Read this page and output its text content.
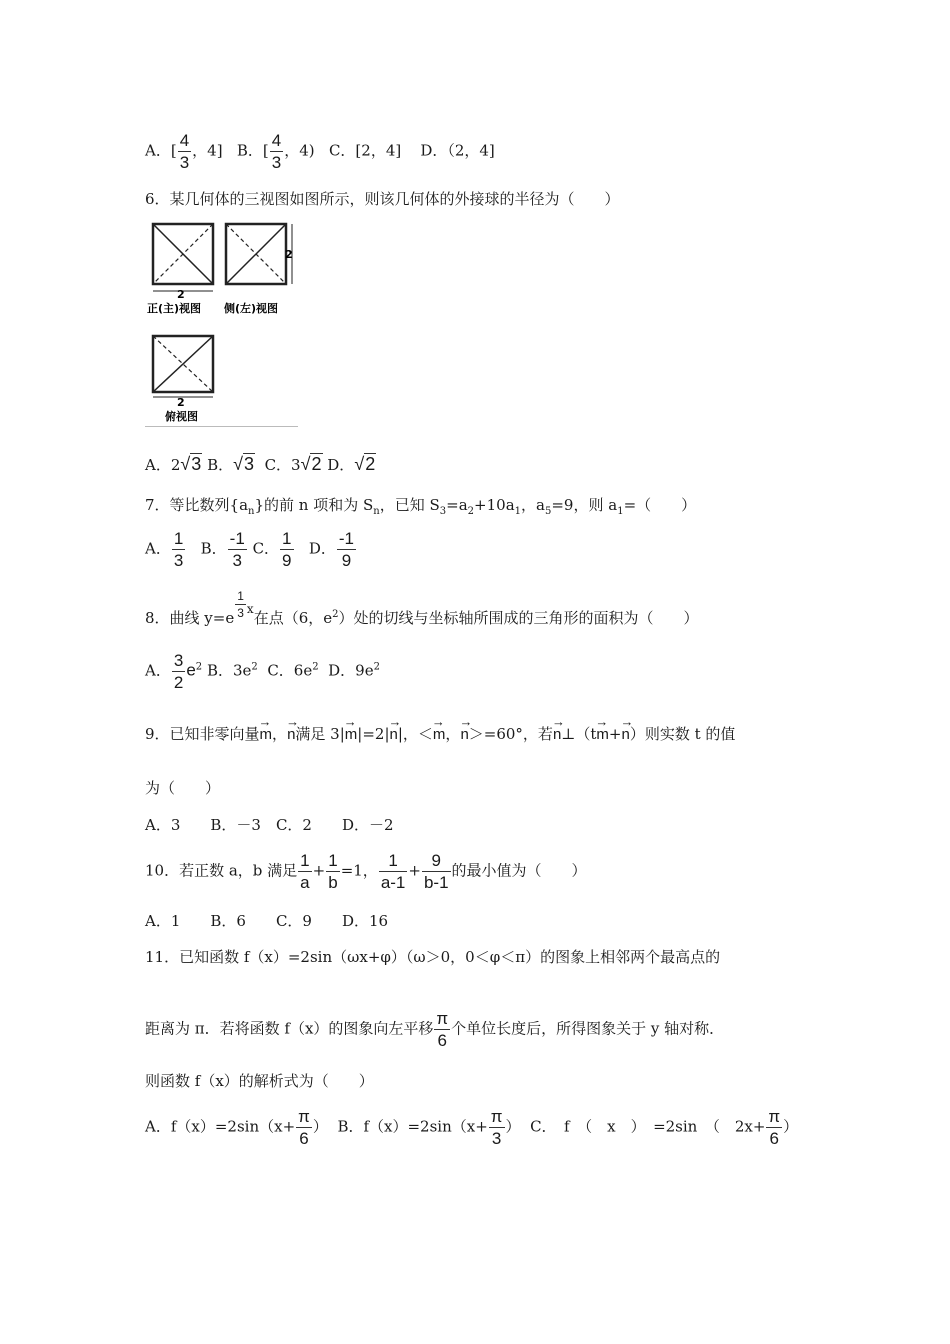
A．[ $\frac{4}{3}$ ，4] B．[ $\frac{4}{3}$ ，4) C．[2，4] D．（2，4]
6．某几何体的三视图如图所示，则该几何体的外接球的半径为（　　）
2
正(主)视图
2
侧(左)视图
2
俯视图
A．2√3 B．√3 C．3√2 D．√2
7．等比数列$\{a_n\}$的前 n 项和为 $S_n$，已知 $S_3=a_2+10a_1$，$a_5=9$，则 $a_1=$（　　）
A． $\frac{1}{3}$ B． $\frac{-1}{3}$ C． $\frac{1}{9}$ D． $\frac{-1}{9}$
8．曲线 $y=e \frac{1}{3} ^x$在点（6，$e^2$）处的切线与坐标轴所围成的三角形的面积为（　　）
A． $\frac{3}{2} e^2$ B．$3e^2$ C．$6e^2$ D．$9e^2$
9．已知非零向量→ m，→ n满足 3|→ m|=2|→ n|，＜→ m，→ n＞=60°，若→ n⊥（t→ m+→ n）则实数 t 的值
为（　　）
A．3　　B．－3　C．2　　D．－2
10．若正数 a，b 满足 $\frac{1}{a} + \frac{1}{b} =1$， $\frac{1}{a-1} + \frac{9}{b-1}$ 的最小值为（　　）
A．1　　B．6　　C．9　　D．16
11．已知函数 f（x）=2sin（ωx+φ）（ω＞0，0＜φ＜π）的图象上相邻两个最高点的
距离为 π．若将函数 f（x）的图象向左平移 $\frac{\pi}{6}$ 个单位长度后，所得图象关于 y 轴对称．
则函数 f（x）的解析式为（　　）
A．$f(x)=2\sin(x+ \frac{\pi}{6}$ ） B．$f(x)=2\sin(x+ \frac{\pi}{3}$ ） C．　f　（　x　）　=2sin　（　$2x+ \frac{\pi}{6}$ ）
